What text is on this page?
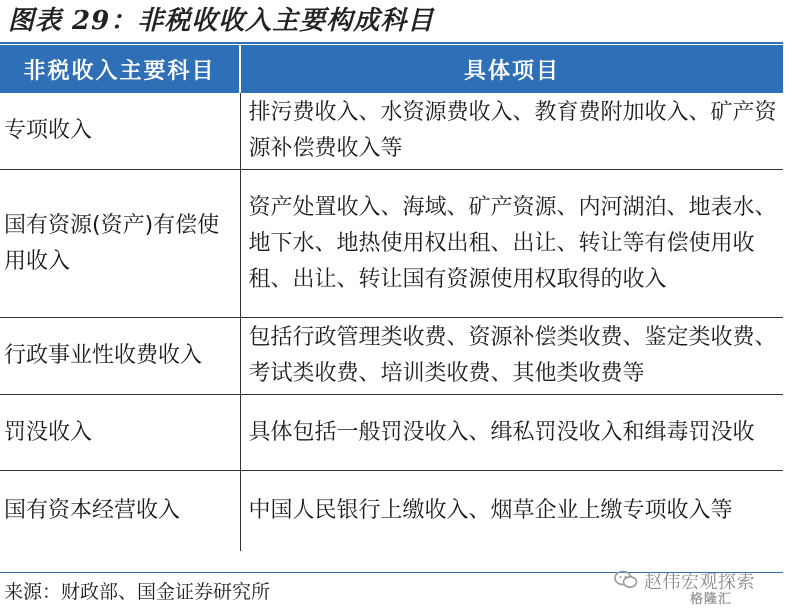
图表 29：非税收收入主要构成科目
非税收入主要科目	具体项目
专项收入	排污费收入、水资源费收入、教育费附加收入、矿产资源补偿费收入等
国有资源(资产)有偿使用收入	资产处置收入、海域、矿产资源、内河湖泊、地表水、地下水、地热使用权出租、出让、转让等有偿使用收租、出让、转让国有资源使用权取得的收入
行政事业性收费收入	包括行政管理类收费、资源补偿类收费、鉴定类收费、考试类收费、培训类收费、其他类收费等
罚没收入	具体包括一般罚没收入、缉私罚没收入和缉毒罚没收
国有资本经营收入	中国人民银行上缴收入、烟草企业上缴专项收入等
来源：财政部、国金证券研究所	赵伟宏观探索
格隆汇
